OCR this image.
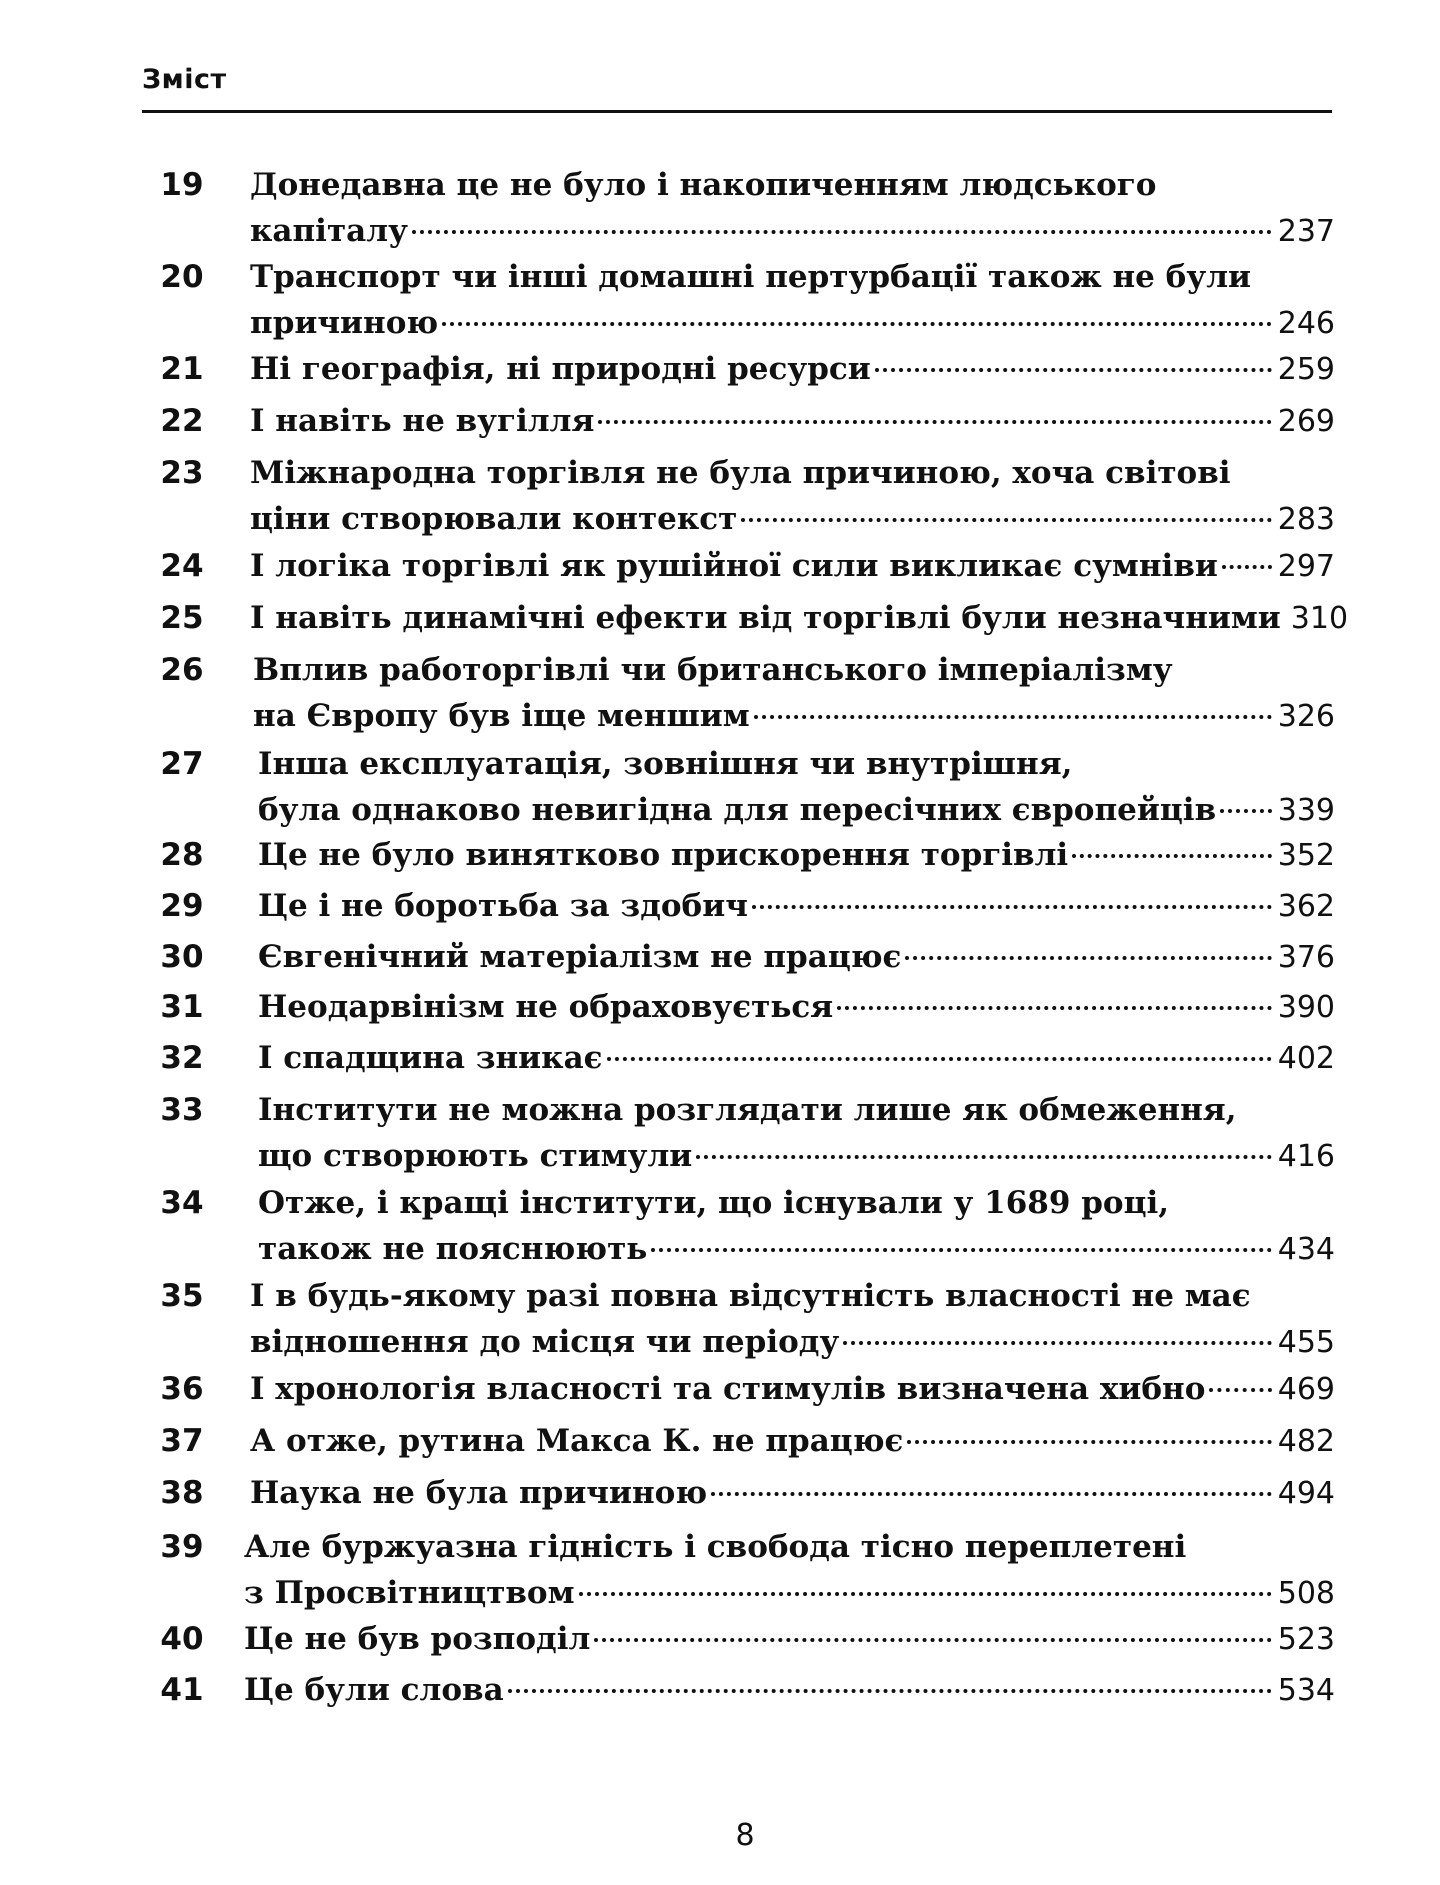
Зміст
19	Донедавна це не було і накопиченням людського
капіталу	237
20	Транспорт чи інші домашні пертурбації також не були
причиною	246
21	Ні географія, ні природні ресурси	259
22	І навіть не вугілля	269
23	Міжнародна торгівля не була причиною, хоча світові
ціни створювали контекст	283
24	І логіка торгівлі як рушійної сили викликає сумніви 297
25	І навіть динамічні ефекти від торгівлі були незначними 310
26	Вплив работоргівлі чи британського імперіалізму
на Європу був іще меншим	326
27	Інша експлуатація, зовнішня чи внутрішня,
була однаково невигідна для пересічних європейців 339
28	Це не було винятково прискорення торгівлі	352
29	Це і не боротьба за здобич	362
30	Євгенічний матеріалізм не працює	376
31	Неодарвінізм не обраховується	390
32	І спадщина зникає	402
33	Інститути не можна розглядати лише як обмеження,
що створюють стимули	416
34	Отже, і кращі інститути, що існували у 1689 році,
також не пояснюють	434
35	І в будь-якому разі повна відсутність власності не має
відношення до місця чи періоду	455
36	І хронологія власності та стимулів визначена хибно 469
37	А отже, рутина Макса К. не працює	482
38	Наука не була причиною	494
39	Але буржуазна гідність і свобода тісно переплетені
з Просвітництвом	508
40	Це не був розподіл	523
41	Це були слова	534
8
